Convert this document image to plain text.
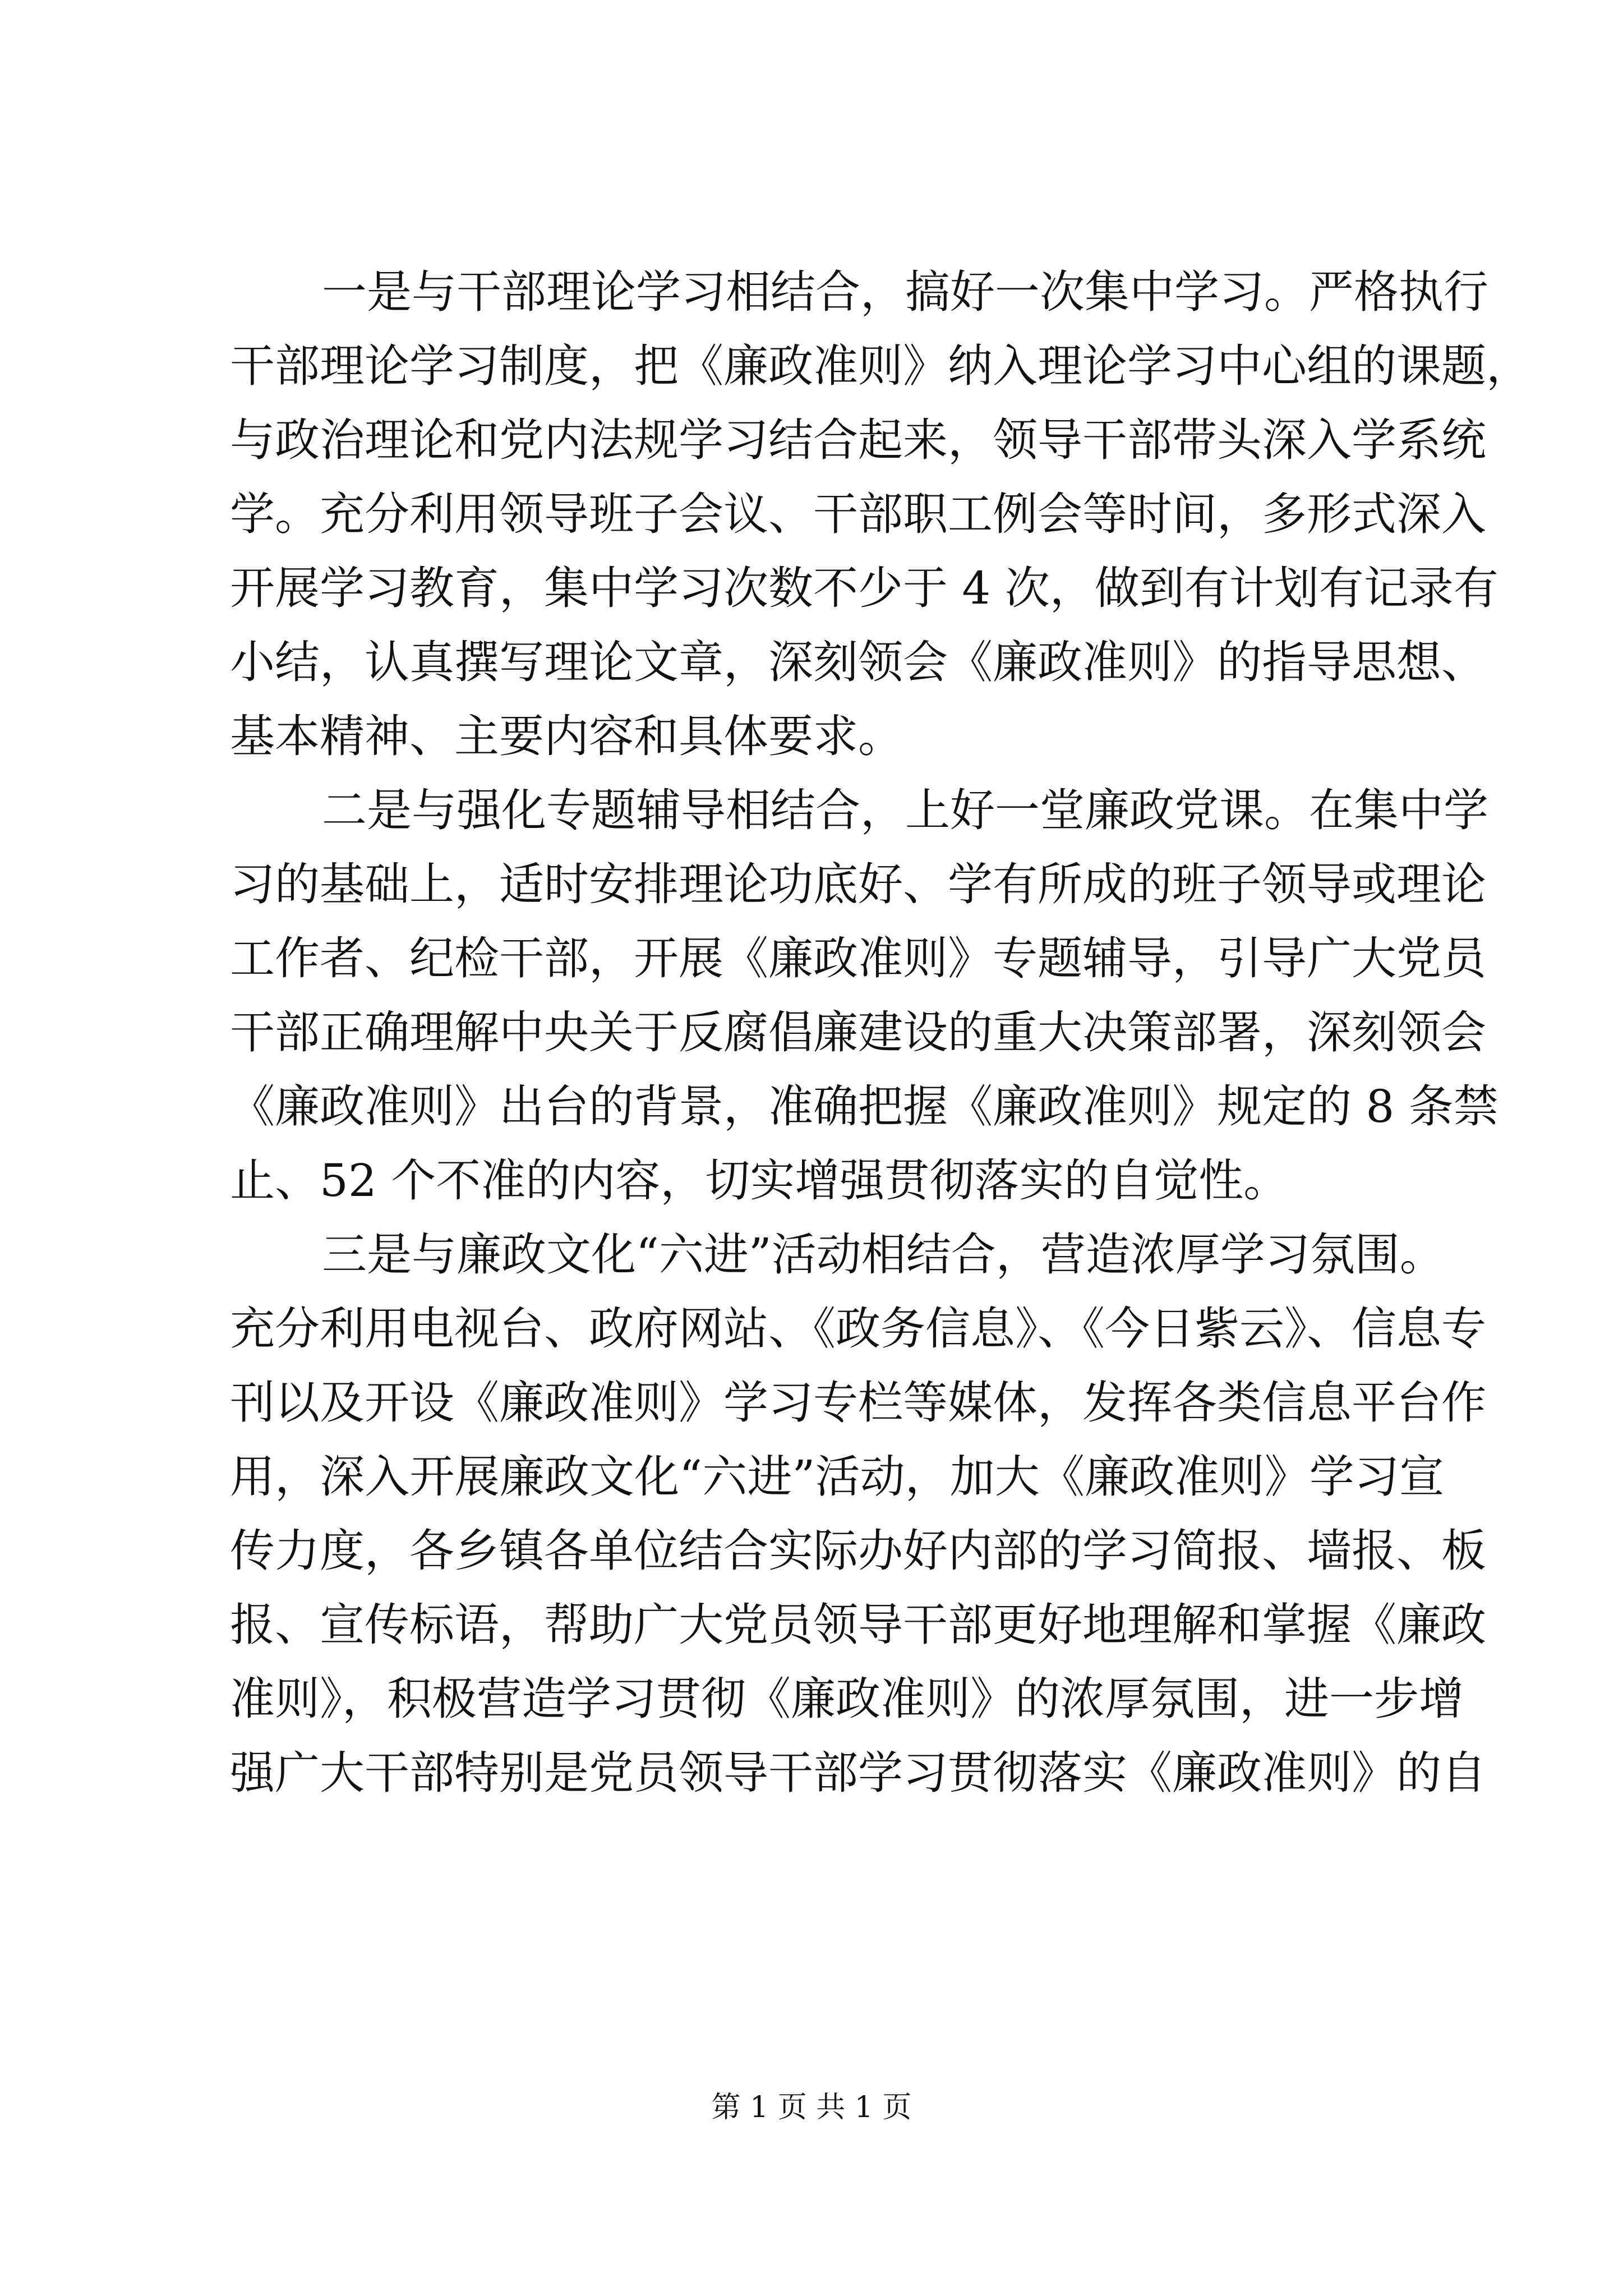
一是与干部理论学习相结合，搞好一次集中学习。严格执行
干部理论学习制度，把《廉政准则》纳入理论学习中心组的课题，
与政治理论和党内法规学习结合起来，领导干部带头深入学系统
学。充分利用领导班子会议、干部职工例会等时间，多形式深入
开展学习教育，集中学习次数不少于 4 次，做到有计划有记录有
小结，认真撰写理论文章，深刻领会《廉政准则》的指导思想、
基本精神、主要内容和具体要求。
二是与强化专题辅导相结合，上好一堂廉政党课。在集中学
习的基础上，适时安排理论功底好、学有所成的班子领导或理论
工作者、纪检干部，开展《廉政准则》专题辅导，引导广大党员
干部正确理解中央关于反腐倡廉建设的重大决策部署，深刻领会
《廉政准则》出台的背景，准确把握《廉政准则》规定的 8 条禁
止、52 个不准的内容，切实增强贯彻落实的自觉性。
三是与廉政文化“六进”活动相结合，营造浓厚学习氛围。
充分利用电视台、政府网站、《政务信息》、《今日紫云》、信息专
刊以及开设《廉政准则》学习专栏等媒体，发挥各类信息平台作
用，深入开展廉政文化“六进”活动，加大《廉政准则》学习宣
传力度，各乡镇各单位结合实际办好内部的学习简报、墙报、板
报、宣传标语，帮助广大党员领导干部更好地理解和掌握《廉政
准则》，积极营造学习贯彻《廉政准则》的浓厚氛围，进一步增
强广大干部特别是党员领导干部学习贯彻落实《廉政准则》的自
第 1 页 共 1 页
